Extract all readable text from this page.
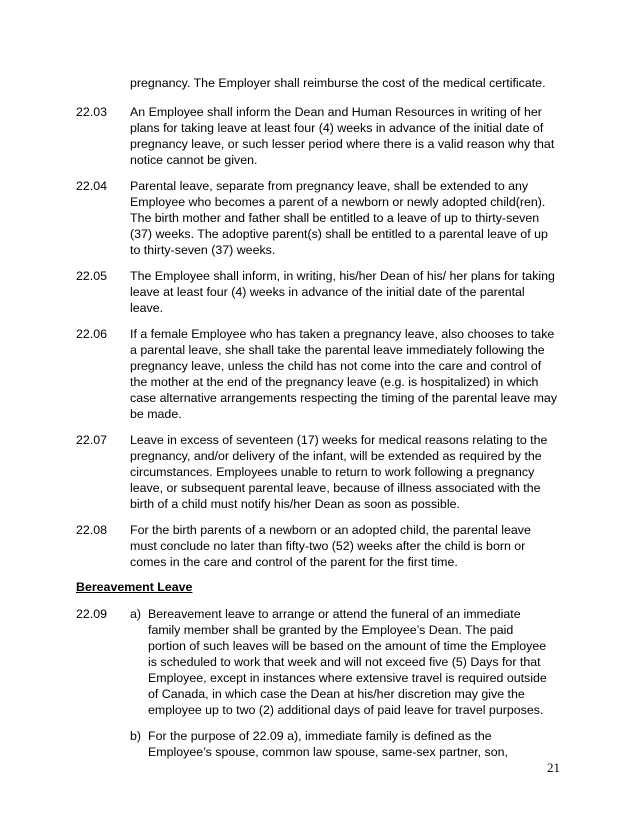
pregnancy. The Employer shall reimburse the cost of the medical certificate.
22.03 An Employee shall inform the Dean and Human Resources in writing of her
plans for taking leave at least four (4) weeks in advance of the initial date of
pregnancy leave, or such lesser period where there is a valid reason why that
notice cannot be given.
22.04 Parental leave, separate from pregnancy leave, shall be extended to any
Employee who becomes a parent of a newborn or newly adopted child(ren).
The birth mother and father shall be entitled to a leave of up to thirty-seven
(37) weeks. The adoptive parent(s) shall be entitled to a parental leave of up
to thirty-seven (37) weeks.
22.05 The Employee shall inform, in writing, his/her Dean of his/ her plans for taking
leave at least four (4) weeks in advance of the initial date of the parental
leave.
22.06 If a female Employee who has taken a pregnancy leave, also chooses to take
a parental leave, she shall take the parental leave immediately following the
pregnancy leave, unless the child has not come into the care and control of
the mother at the end of the pregnancy leave (e.g. is hospitalized) in which
case alternative arrangements respecting the timing of the parental leave may
be made.
22.07 Leave in excess of seventeen (17) weeks for medical reasons relating to the
pregnancy, and/or delivery of the infant, will be extended as required by the
circumstances. Employees unable to return to work following a pregnancy
leave, or subsequent parental leave, because of illness associated with the
birth of a child must notify his/her Dean as soon as possible.
22.08 For the birth parents of a newborn or an adopted child, the parental leave
must conclude no later than fifty-two (52) weeks after the child is born or
comes in the care and control of the parent for the first time.
Bereavement Leave
22.09 a) Bereavement leave to arrange or attend the funeral of an immediate
family member shall be granted by the Employee’s Dean. The paid
portion of such leaves will be based on the amount of time the Employee
is scheduled to work that week and will not exceed five (5) Days for that
Employee, except in instances where extensive travel is required outside
of Canada, in which case the Dean at his/her discretion may give the
employee up to two (2) additional days of paid leave for travel purposes.
b) For the purpose of 22.09 a), immediate family is defined as the
Employee’s spouse, common law spouse, same-sex partner, son,
21
